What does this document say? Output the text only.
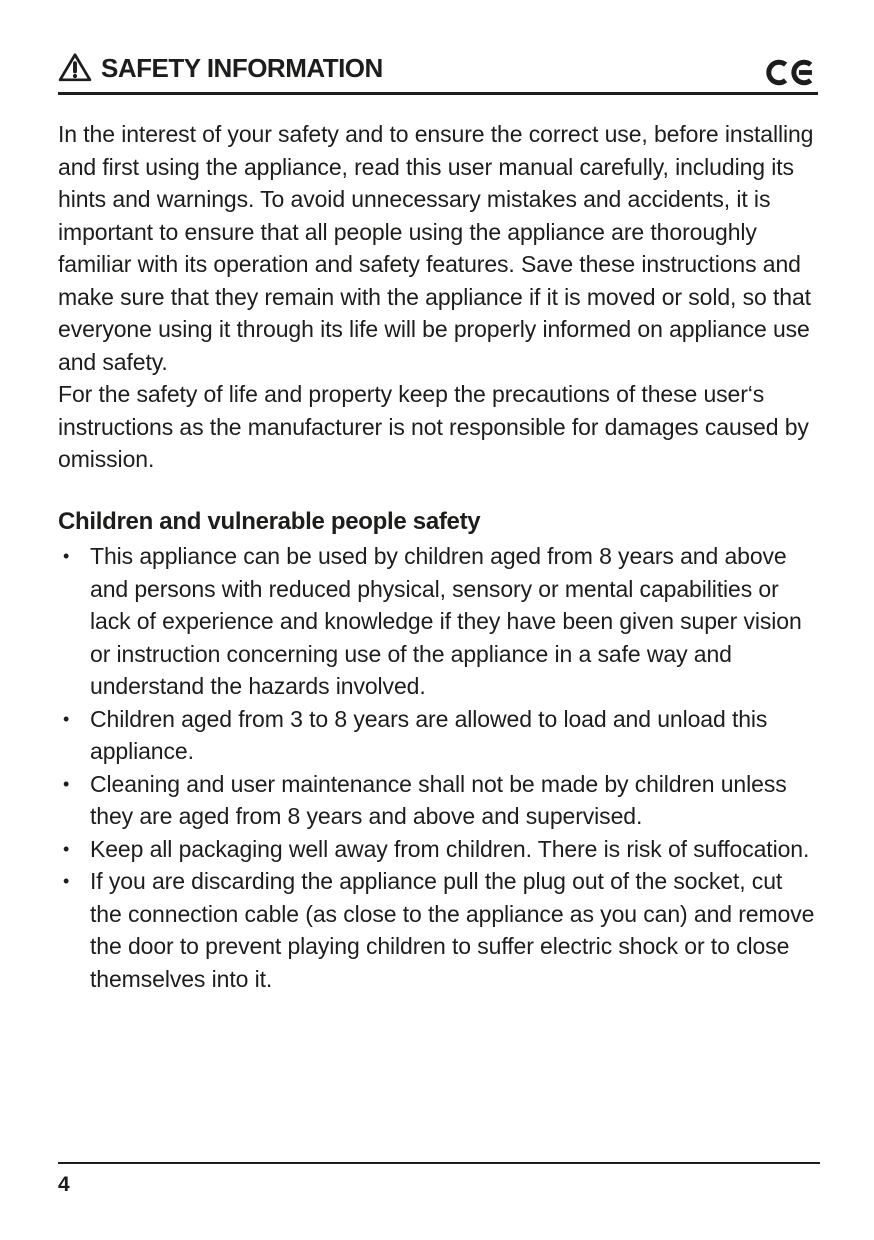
SAFETY INFORMATION

In the interest of your safety and to ensure the correct use, before installing and first using the appliance, read this user manual carefully, including its hints and warnings. To avoid unnecessary mistakes and accidents, it is important to ensure that all people using the appliance are thoroughly familiar with its operation and safety features. Save these instructions and make sure that they remain with the appliance if it is moved or sold, so that everyone using it through its life will be properly informed on appliance use and safety.

For the safety of life and property keep the precautions of these user‘s instructions as the manufacturer is not responsible for damages caused by omission.

Children and vulnerable people safety
• This appliance can be used by children aged from 8 years and above and persons with reduced physical, sensory or mental capabilities or lack of experience and knowledge if they have been given super vision or instruction concerning use of the appliance in a safe way and understand the hazards involved.
• Children aged from 3 to 8 years are allowed to load and unload this appliance.
• Cleaning and user maintenance shall not be made by children unless they are aged from 8 years and above and supervised.
• Keep all packaging well away from children. There is risk of suffocation.
• If you are discarding the appliance pull the plug out of the socket, cut the connection cable (as close to the appliance as you can) and remove the door to prevent playing children to suffer electric shock or to close themselves into it.
4
